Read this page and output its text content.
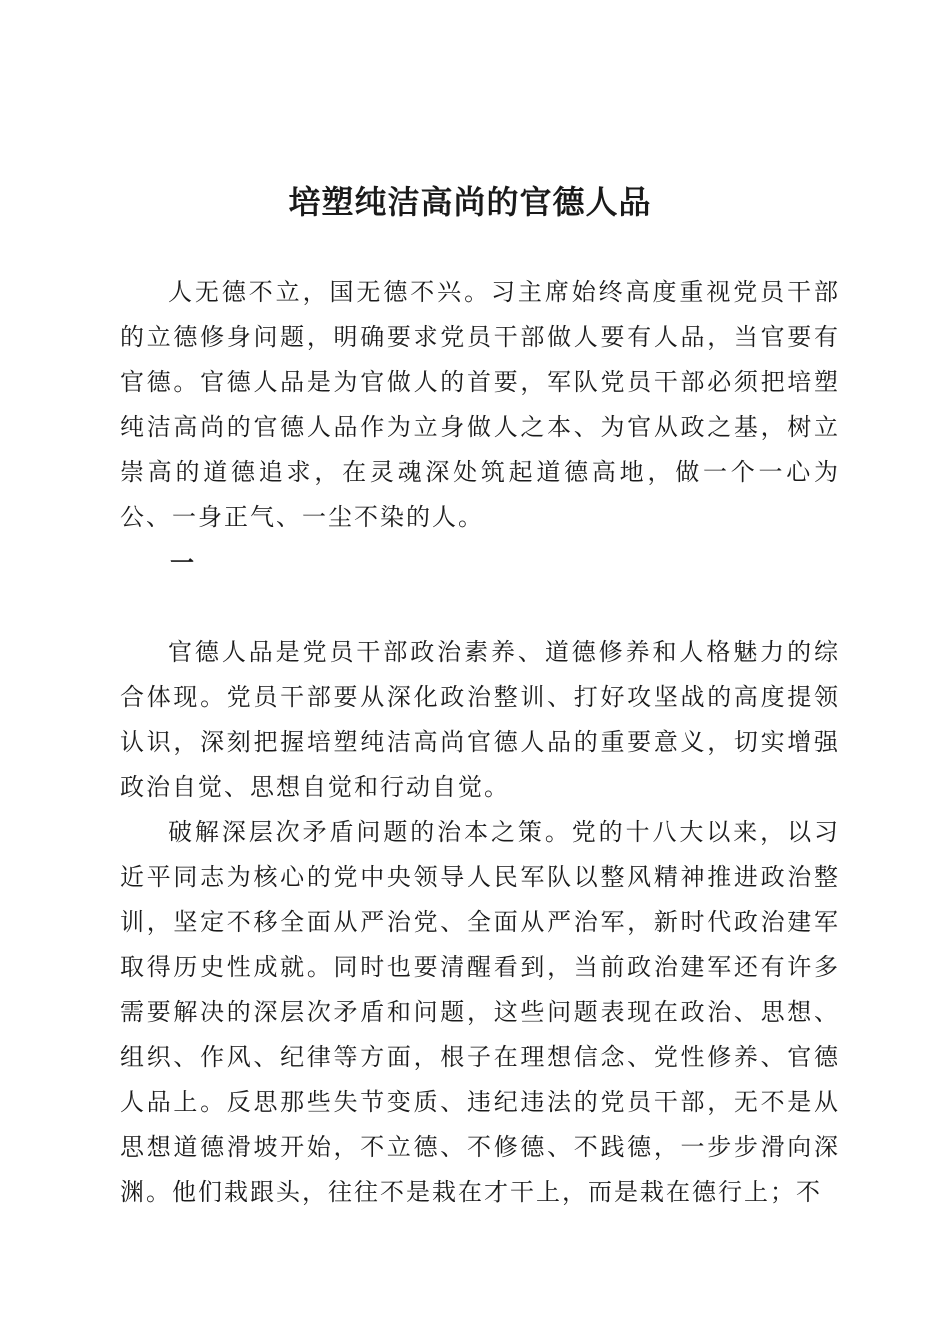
培塑纯洁高尚的官德人品

人无德不立，国无德不兴。习主席始终高度重视党员干部的立德修身问题，明确要求党员干部做人要有人品，当官要有官德。官德人品是为官做人的首要，军队党员干部必须把培塑纯洁高尚的官德人品作为立身做人之本、为官从政之基，树立崇高的道德追求，在灵魂深处筑起道德高地，做一个一心为公、一身正气、一尘不染的人。

一

官德人品是党员干部政治素养、道德修养和人格魅力的综合体现。党员干部要从深化政治整训、打好攻坚战的高度提领认识，深刻把握培塑纯洁高尚官德人品的重要意义，切实增强政治自觉、思想自觉和行动自觉。

破解深层次矛盾问题的治本之策。党的十八大以来，以习近平同志为核心的党中央领导人民军队以整风精神推进政治整训，坚定不移全面从严治党、全面从严治军，新时代政治建军取得历史性成就。同时也要清醒看到，当前政治建军还有许多需要解决的深层次矛盾和问题，这些问题表现在政治、思想、组织、作风、纪律等方面，根子在理想信念、党性修养、官德人品上。反思那些失节变质、违纪违法的党员干部，无不是从思想道德滑坡开始，不立德、不修德、不践德，一步步滑向深渊。他们栽跟头，往往不是栽在才干上，而是栽在德行上；不
